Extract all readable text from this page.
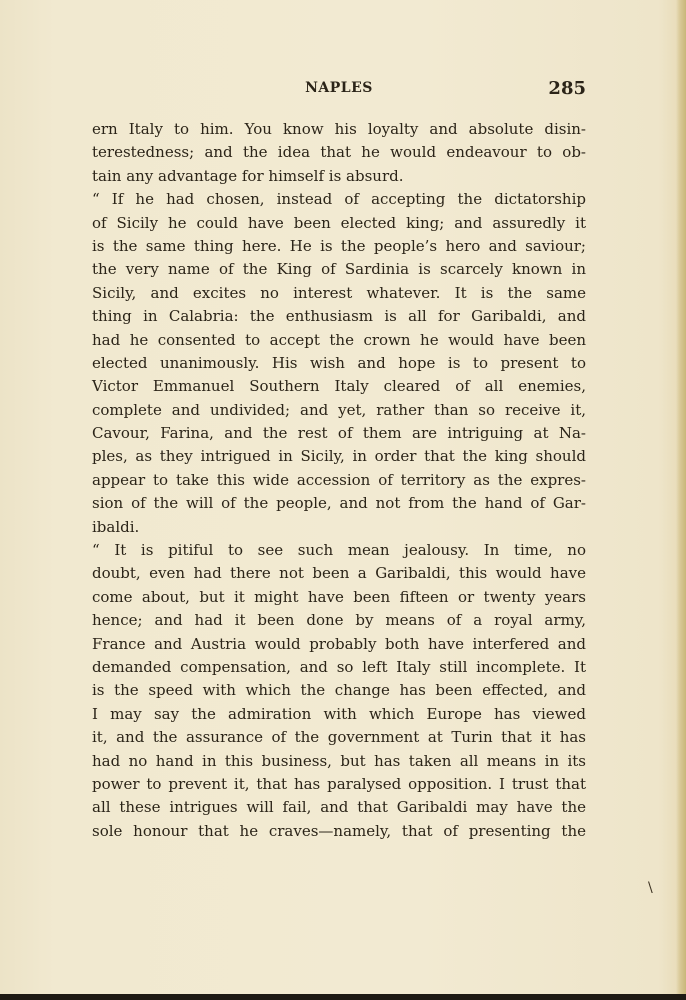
NAPLES	285
ern Italy to him. You know his loyalty and absolute disin-
terestedness; and the idea that he would endeavour to ob-
tain any advantage for himself is absurd.
“ If he had chosen, instead of accepting the dictatorship
of Sicily he could have been elected king; and assuredly it
is the same thing here. He is the people’s hero and saviour;
the very name of the King of Sardinia is scarcely known in
Sicily, and excites no interest whatever. It is the same
thing in Calabria: the enthusiasm is all for Garibaldi, and
had he consented to accept the crown he would have been
elected unanimously. His wish and hope is to present to
Victor Emmanuel Southern Italy cleared of all enemies,
complete and undivided; and yet, rather than so receive it,
Cavour, Farina, and the rest of them are intriguing at Na-
ples, as they intrigued in Sicily, in order that the king should
appear to take this wide accession of territory as the expres-
sion of the will of the people, and not from the hand of Gar-
ibaldi.
“ It is pitiful to see such mean jealousy. In time, no
doubt, even had there not been a Garibaldi, this would have
come about, but it might have been fifteen or twenty years
hence; and had it been done by means of a royal army,
France and Austria would probably both have interfered and
demanded compensation, and so left Italy still incomplete. It
is the speed with which the change has been effected, and
I may say the admiration with which Europe has viewed
it, and the assurance of the government at Turin that it has
had no hand in this business, but has taken all means in its
power to prevent it, that has paralysed opposition. I trust that
all these intrigues will fail, and that Garibaldi may have the
sole honour that he craves—namely, that of presenting the
\
